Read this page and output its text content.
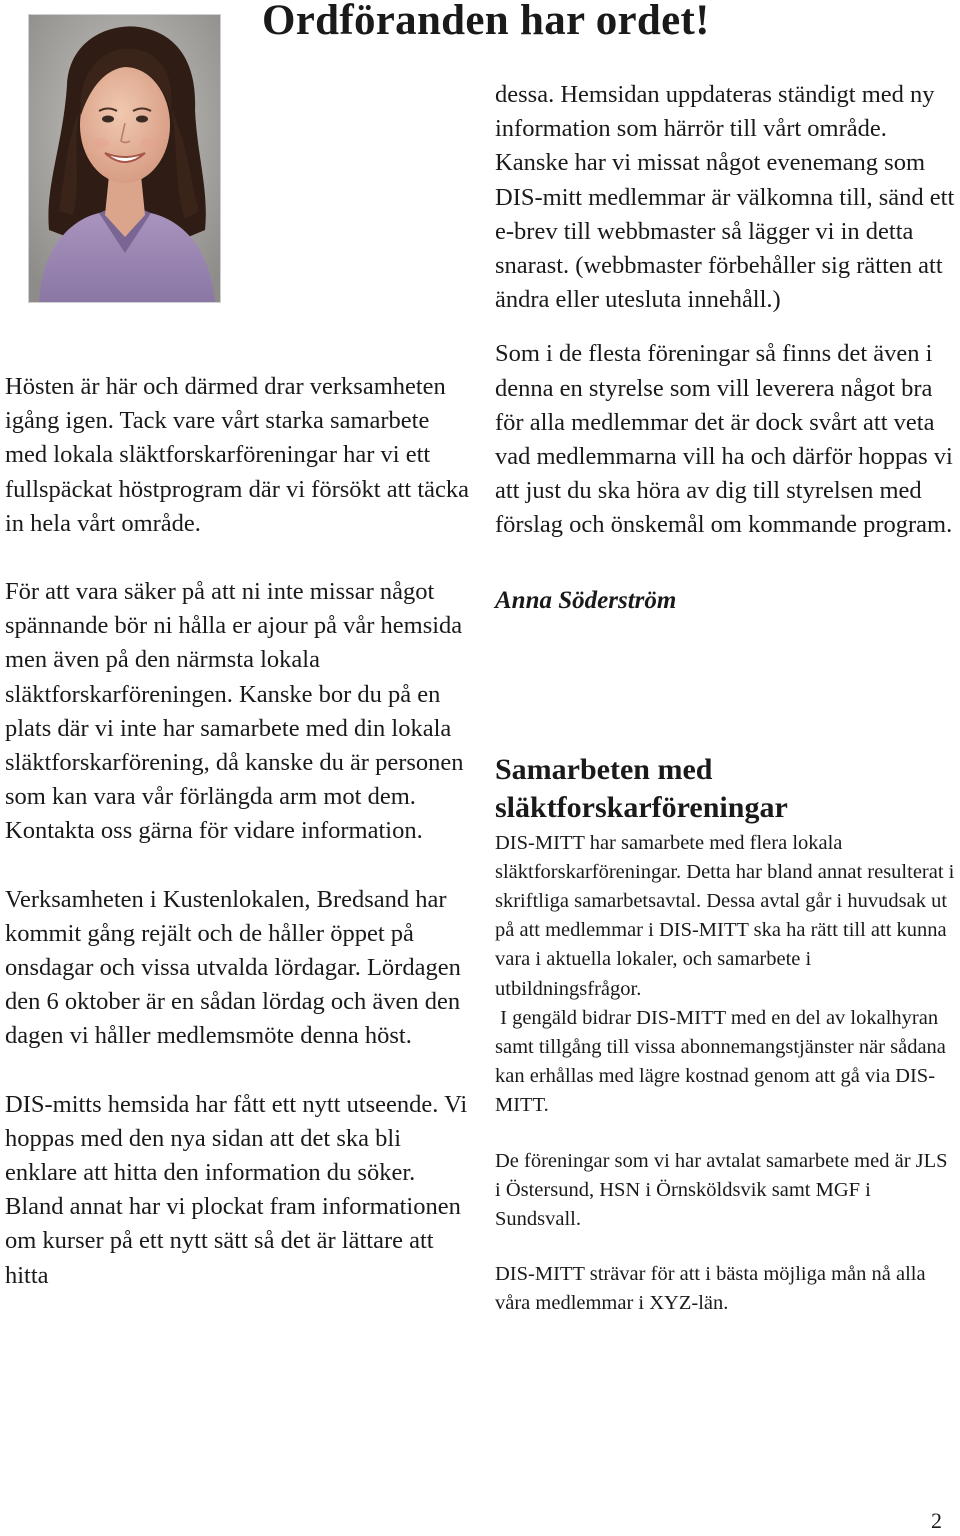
Ordföranden har ordet!

Hösten är här och därmed drar verksamheten igång igen. Tack vare vårt starka samarbete med lokala släktforskarföreningar har vi ett fullspäckat höstprogram där vi försökt att täcka in hela vårt område.

För att vara säker på att ni inte missar något spännande bör ni hålla er ajour på vår hemsida men även på den närmsta lokala släktforskarföreningen. Kanske bor du på en plats där vi inte har samarbete med din lokala släktforskarförening, då kanske du är personen som kan vara vår förlängda arm mot dem. Kontakta oss gärna för vidare information.

Verksamheten i Kustenlokalen, Bredsand har kommit gång rejält och de håller öppet på onsdagar och vissa utvalda lördagar. Lördagen den 6 oktober är en sådan lördag och även den dagen vi håller medlemsmöte denna höst.

DIS-mitts hemsida har fått ett nytt utseende. Vi hoppas med den nya sidan att det ska bli enklare att hitta den information du söker. Bland annat har vi plockat fram informationen om kurser på ett nytt sätt så det är lättare att hitta

dessa. Hemsidan uppdateras ständigt med ny information som härrör till vårt område. Kanske har vi missat något evenemang som DIS-mitt medlemmar är välkomna till, sänd ett e-brev till webbmaster så lägger vi in detta snarast. (webbmaster förbehåller sig rätten att ändra eller utesluta innehåll.)

Som i de flesta föreningar så finns det även i denna en styrelse som vill leverera något bra för alla medlemmar det är dock svårt att veta vad medlemmarna vill ha och därför hoppas vi att just du ska höra av dig till styrelsen med förslag och önskemål om kommande program.

Anna Söderström

Samarbeten med släktforskarföreningar

DIS-MITT har samarbete med flera lokala släktforskarföreningar. Detta har bland annat resulterat i skriftliga samarbetsavtal. Dessa avtal går i huvudsak ut på att medlemmar i DIS-MITT ska ha rätt till att kunna vara i aktuella lokaler, och samarbete i utbildningsfrågor.

I gengäld bidrar DIS-MITT med en del av lokalhyran samt tillgång till vissa abonnemangstjänster när sådana kan erhållas med lägre kostnad genom att gå via DIS-MITT.

De föreningar som vi har avtalat samarbete med är JLS i Östersund, HSN i Örnsköldsvik samt MGF i Sundsvall.

DIS-MITT strävar för att i bästa möjliga mån nå alla våra medlemmar i XYZ-län.

2
